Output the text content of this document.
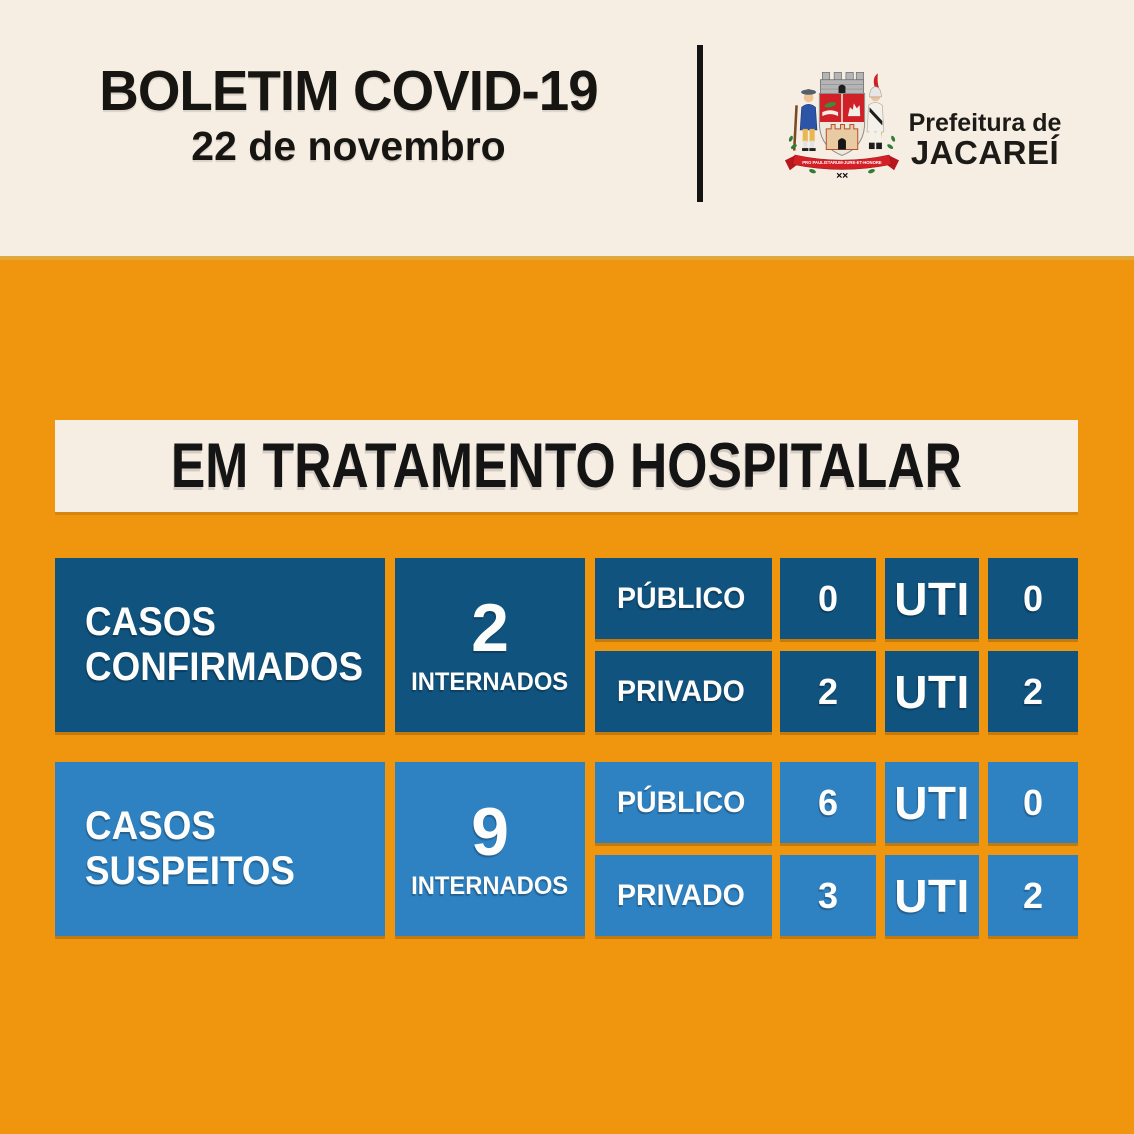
BOLETIM COVID-19
22 de novembro	PRO PAULISTARUM-JURE-ET-HONORE
Prefeitura de
JACAREÍ
EM TRATAMENTO HOSPITALAR
CASOS
CONFIRMADOS
2
INTERNADOS
PÚBLICO 0 UTI 0
PRIVADO 2 UTI 2
CASOS
SUSPEITOS
9
INTERNADOS
PÚBLICO 6 UTI 0
PRIVADO 3 UTI 2
